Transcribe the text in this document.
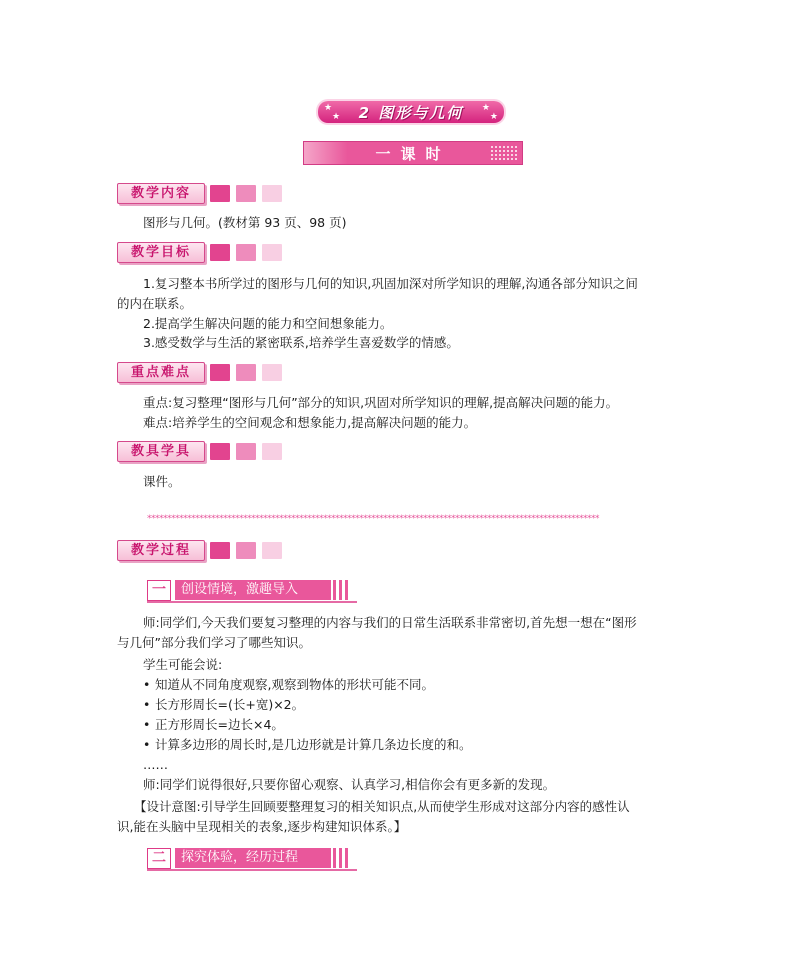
★
★	2 图形与几何	★
★
一课时
教学内容
图形与几何。(教材第 93 页、98 页)
教学目标
1.复习整本书所学过的图形与几何的知识,巩固加深对所学知识的理解,沟通各部分知识之间
的内在联系。
2.提高学生解决问题的能力和空间想象能力。
3.感受数学与生活的紧密联系,培养学生喜爱数学的情感。
重点难点
重点:复习整理“图形与几何”部分的知识,巩固对所学知识的理解,提高解决问题的能力。
难点:培养学生的空间观念和想象能力,提高解决问题的能力。
教具学具
课件。
*****************************************************************************************************************
教学过程
一	创设情境，激趣导入
师:同学们,今天我们要复习整理的内容与我们的日常生活联系非常密切,首先想一想在“图形
与几何”部分我们学习了哪些知识。
学生可能会说:
• 知道从不同角度观察,观察到物体的形状可能不同。
• 长方形周长=(长+宽)×2。
• 正方形周长=边长×4。
• 计算多边形的周长时,是几边形就是计算几条边长度的和。
……
师:同学们说得很好,只要你留心观察、认真学习,相信你会有更多新的发现。
【设计意图:引导学生回顾要整理复习的相关知识点,从而使学生形成对这部分内容的感性认
识,能在头脑中呈现相关的表象,逐步构建知识体系。】
二	探究体验，经历过程
